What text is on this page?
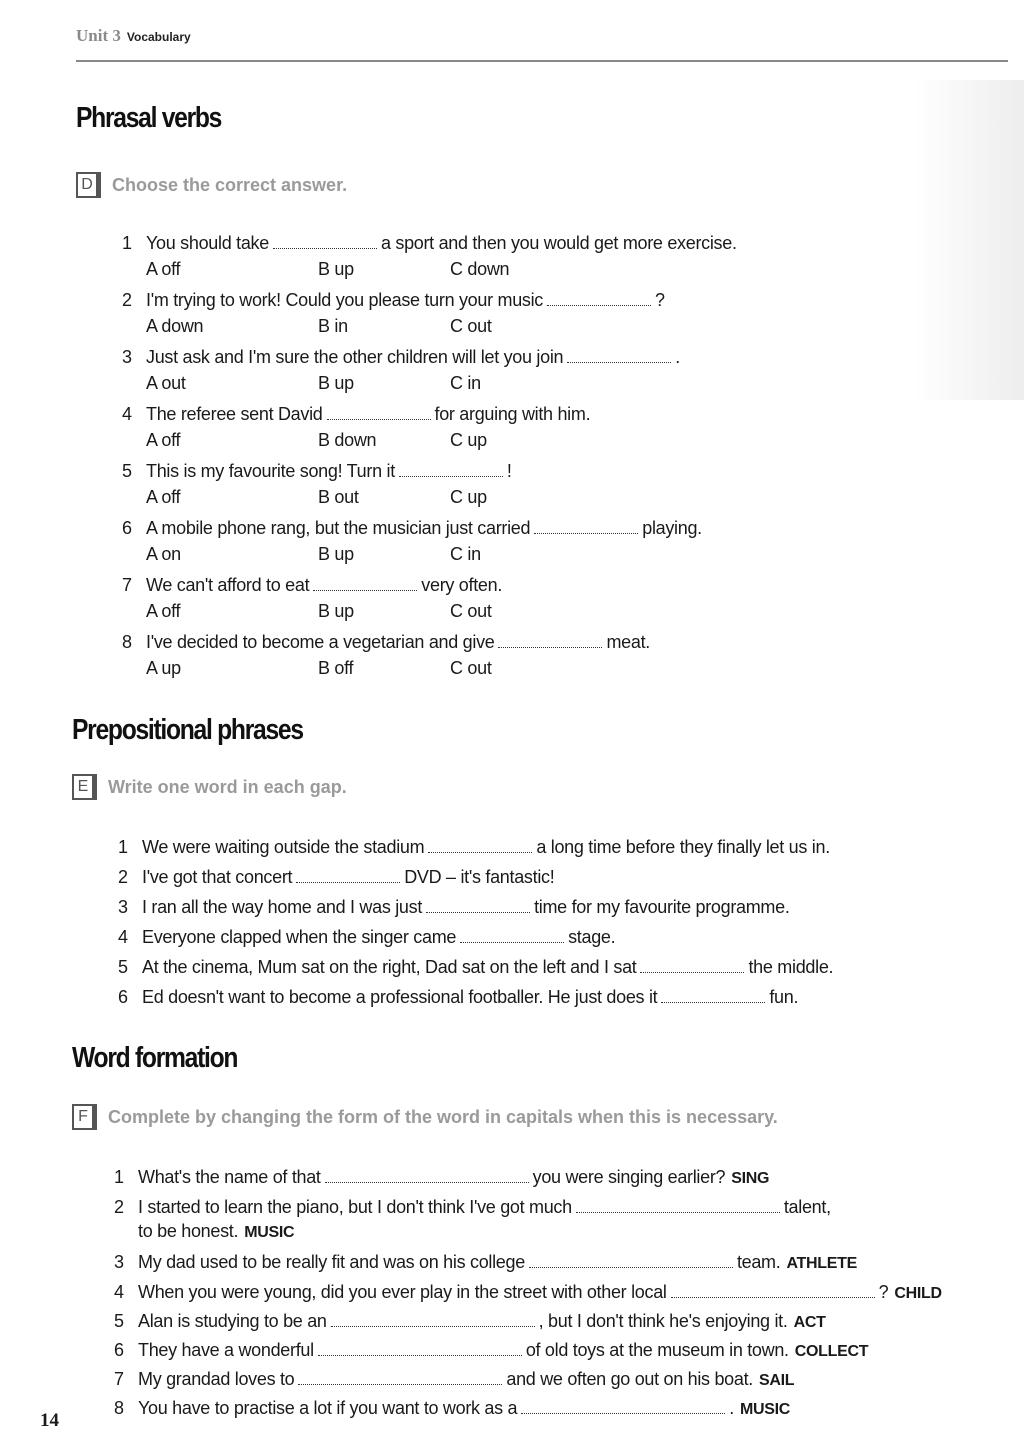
Unit 3 Vocabulary
Phrasal verbs
D Choose the correct answer.
1 You should take	a sport and then you would get more exercise.
A off	B up	C down
2 I'm trying to work! Could you please turn your music	?
A down	B in	C out
3 Just ask and I'm sure the other children will let you join	.
A out	B up	C in
4 The referee sent David	for arguing with him.
A off	B down	C up
5 This is my favourite song! Turn it	!
A off	B out	C up
6 A mobile phone rang, but the musician just carried	playing.
A on	B up	C in
7 We can't afford to eat	very often.
A off	B up	C out
8 I've decided to become a vegetarian and give	meat.
A up	B off	C out
Prepositional phrases
E Write one word in each gap.
1 We were waiting outside the stadium	a long time before they finally let us in.
2 I've got that concert	DVD – it's fantastic!
3 I ran all the way home and I was just	time for my favourite programme.
4 Everyone clapped when the singer came	stage.
5 At the cinema, Mum sat on the right, Dad sat on the left and I sat	the middle.
6 Ed doesn't want to become a professional footballer. He just does it	fun.
Word formation
F Complete by changing the form of the word in capitals when this is necessary.
1 What's the name of that	you were singing earlier? SING
2 I started to learn the piano, but I don't think I've got much	talent,
to be honest. MUSIC
3 My dad used to be really fit and was on his college	team. ATHLETE
4 When you were young, did you ever play in the street with other local	? CHILD
5 Alan is studying to be an	, but I don't think he's enjoying it. ACT
6 They have a wonderful	of old toys at the museum in town. COLLECT
7 My grandad loves to	and we often go out on his boat. SAIL
8 You have to practise a lot if you want to work as a	. MUSIC
14
